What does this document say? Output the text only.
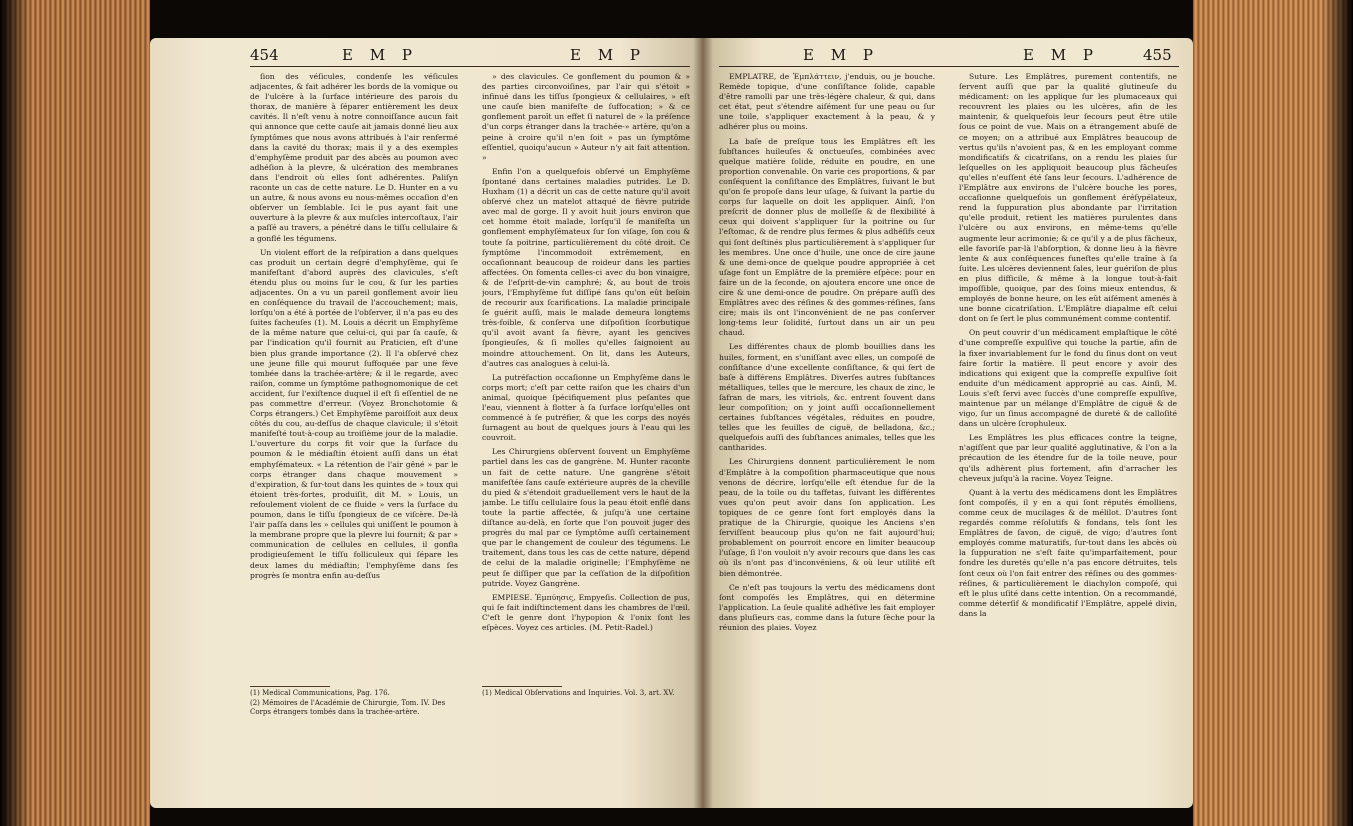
454	E M P	E M P

ſion des véſicules, condenſe les véſicules adjacentes, & fait adhérer les bords de la vomique ou de l'ulcère à la ſurface intérieure des parois du thorax, de manière à ſéparer entièrement les deux cavités. Il n'eſt venu à notre connoiſſance aucun fait qui annonce que cette cauſe ait jamais donné lieu aux ſymptômes que nous avons attribués à l'air renfermé dans la cavité du thorax; mais il y a des exemples d'emphyſème produit par des abcès au poumon avec adhéſion à la plevre, & ulcération des membranes dans l'endroit où elles ſont adhérentes. Paliſyn raconte un cas de cette nature. Le D. Hunter en a vu un autre, & nous avons eu nous-mêmes occaſion d'en obſerver un ſemblable. Ici le pus ayant fait une ouverture à la plevre & aux muſcles intercoſtaux, l'air a paſſé au travers, a pénétré dans le tiſſu cellulaire & a gonflé les tégumens.

Un violent effort de la reſpiration a dans quelques cas produit un certain degré d'emphyſème, qui ſe manifeſtant d'abord auprès des clavicules, s'eſt étendu plus ou moins ſur le cou, & ſur les parties adjacentes. On a vu un pareil gonflement avoir lieu en conſéquence du travail de l'accouchement; mais, lorſqu'on a été à portée de l'obſerver, il n'a pas eu des ſuites facheuſes (1). M. Louis a décrit un Emphyſème de la même nature que celui-ci, qui par ſa cauſe, & par l'indication qu'il fournit au Praticien, eſt d'une bien plus grande importance (2). Il l'a obſervé chez une jeune fille qui mourut ſuffoquée par une fève tombée dans la trachée-artère; & il le regarde, avec raiſon, comme un ſymptôme pathognomonique de cet accident, ſur l'exiſtence duquel il eſt ſi eſſentiel de ne pas commettre d'erreur. (Voyez Bronchotomie & Corps étrangers.) Cet Emphyſème paroiſſoit aux deux côtés du cou, au-deſſus de chaque clavicule; il s'étoit manifeſté tout-à-coup au troiſième jour de la maladie. L'ouverture du corps fit voir que la ſurface du poumon & le médiaſtin étoient auſſi dans un état emphyſémateux. « La rétention de l'air gêné » par le corps étranger dans chaque mouvement » d'expiration, & ſur-tout dans les quintes de » toux qui étoient très-fortes, produiſit, dit M. » Louis, un refoulement violent de ce fluide » vers la ſurface du poumon, dans le tiſſu ſpongieux de ce viſcère. De-là l'air paſſa dans les » cellules qui uniſſent le poumon à la membrane propre que la plevre lui fournit; & par » communication de cellules en cellules, il gonfla prodigieuſement le tiſſu folliculeux qui ſépare les deux lames du médiaſtin; l'emphyſème dans ſes progrès ſe montra enfin au-deſſus

» des clavicules. Ce gonflement du poumon & » des parties circonvoiſines, par l'air qui s'étoit » infinué dans les tiſſus ſpongieux & cellulaires, » eſt une cauſe bien manifeſte de ſuffocation; » & ce gonflement paroît un effet ſi naturel de » la préſence d'un corps étranger dans la trachée-» artère, qu'on a peine à croire qu'il n'en ſoit » pas un ſymptôme eſſentiel, quoiqu'aucun » Auteur n'y ait fait attention. »

Enfin l'on a quelquefois obſervé un Emphyſème ſpontané dans certaines maladies putrides. Le D. Huxham (1) a décrit un cas de cette nature qu'il avoit obſervé chez un matelot attaqué de fièvre putride avec mal de gorge. Il y avoit huit jours environ que cet homme étoit malade, lorſqu'il ſe manifeſta un gonflement emphyſémateux ſur ſon viſage, ſon cou & toute ſa poitrine, particulièrement du côté droit. Ce ſymptôme l'incommodoit extrêmement, en occaſionnant beaucoup de roideur dans les parties affectées. On fomenta celles-ci avec du bon vinaigre, & de l'eſprit-de-vin camphré; &, au bout de trois jours, l'Emphyſème fut diſſipé ſans qu'on eût beſoin de recourir aux ſcarifications. La maladie principale ſe guérit auſſi, mais le malade demeura longtems très-foible, & conſerva une diſpoſition ſcorbutique qu'il avoit avant ſa fièvre, ayant les gencives ſpongieuſes, & ſi molles qu'elles ſaignoient au moindre attouchement. On lit, dans les Auteurs, d'autres cas analogues à celui-là.

La putréfaction occaſionne un Emphyſème dans le corps mort; c'eſt par cette raiſon que les chairs d'un animal, quoique ſpécifiquement plus peſantes que l'eau, viennent à flotter à ſa ſurface lorſqu'elles ont commencé à ſe putréfier, & que les corps des noyés ſurnagent au bout de quelques jours à l'eau qui les couvroit.

Les Chirurgiens obſervent ſouvent un Emphyſème partiel dans les cas de gangrène. M. Hunter raconte un fait de cette nature. Une gangrène s'étoit manifeſtée ſans cauſe extérieure auprès de la cheville du pied & s'étendoit graduellement vers le haut de la jambe. Le tiſſu cellulaire ſous la peau étoit enflé dans toute la partie affectée, & juſqu'à une certaine diſtance au-delà, en ſorte que l'on pouvoit juger des progrès du mal par ce ſymptôme auſſi certainement que par le changement de couleur des tégumens. Le traitement, dans tous les cas de cette nature, dépend de celui de la maladie originelle; l'Emphyſème ne peut ſe diſſiper que par la ceſſation de la diſpoſition putride. Voyez Gangrène.

EMPIESE. Ἐμπύησις, Empyeſis. Collection de pus, qui ſe fait indiſtinctement dans les chambres de l'œil. C'eſt le genre dont l'hypopion & l'onix ſont les eſpèces. Voyez ces articles. (M. Petit-Radel.)

(1) Medical Communications, Pag. 176.
(2) Mémoires de l'Académie de Chirurgie, Tom. IV. Des Corps étrangers tombés dans la trachée-artère.
(1) Medical Obſervations and Inquiries. Vol. 3, art. XV.
E M P	E M P	455

EMPLATRE, de Ἐμπλάττειν, j'enduis, ou je bouche. Remède topique, d'une conſiſtance ſolide, capable d'être ramolli par une très-légère chaleur, & qui, dans cet état, peut s'étendre aiſément ſur une peau ou ſur une toile, s'appliquer exactement à la peau, & y adhérer plus ou moins.

La baſe de preſque tous les Emplâtres eſt les ſubſtances huileuſes & onctueuſes, combinées avec quelque matière ſolide, réduite en poudre, en une proportion convenable. On varie ces proportions, & par conſéquent la conſiſtance des Emplâtres, ſuivant le but qu'on ſe propoſe dans leur uſage, & ſuivant la partie du corps ſur laquelle on doit les appliquer. Ainſi, l'on preſcrit de donner plus de molleſſe & de flexibilité à ceux qui doivent s'appliquer ſur la poitrine ou ſur l'eſtomac, & de rendre plus fermes & plus adhéſifs ceux qui ſont deſtinés plus particulièrement à s'appliquer ſur les membres. Une once d'huile, une once de cire jaune & une demi-once de quelque poudre appropriée à cet uſage font un Emplâtre de la première eſpèce: pour en faire un de la ſeconde, on ajoutera encore une once de cire & une demi-once de poudre. On prépare auſſi des Emplâtres avec des réſines & des gommes-réſines, ſans cire; mais ils ont l'inconvénient de ne pas conſerver long-tems leur ſolidité, ſurtout dans un air un peu chaud.

Les différentes chaux de plomb bouillies dans les huiles, forment, en s'uniſſant avec elles, un compoſé de conſiſtance d'une excellente conſiſtance, & qui ſert de baſe à différens Emplâtres. Diverſes autres ſubſtances métalliques, telles que le mercure, les chaux de zinc, le ſafran de mars, les vitriols, &c. entrent ſouvent dans leur compoſition; on y joint auſſi occaſionnellement certaines ſubſtances végétales, réduites en poudre, telles que les feuilles de ciguë, de belladona, &c.; quelquefois auſſi des ſubſtances animales, telles que les cantharides.

Les Chirurgiens donnent particulièrement le nom d'Emplâtre à la compoſition pharmaceutique que nous venons de décrire, lorſqu'elle eſt étendue ſur de la peau, de la toile ou du taffetas, ſuivant les différentes vues qu'on peut avoir dans ſon application. Les topiques de ce genre ſont fort employés dans la pratique de la Chirurgie, quoique les Anciens s'en ſerviſſent beaucoup plus qu'on ne fait aujourd'hui; probablement on pourroit encore en limiter beaucoup l'uſage, ſi l'on vouloit n'y avoir recours que dans les cas où ils n'ont pas d'inconvéniens, & où leur utilité eſt bien démontrée.

Ce n'eſt pas toujours la vertu des médicamens dont ſont compoſés les Emplâtres, qui en détermine l'application. La ſeule qualité adhéſive les fait employer dans pluſieurs cas, comme dans la ſuture ſèche pour la réunion des plaies. Voyez

Suture. Les Emplâtres, purement contentifs, ne ſervent auſſi que par la qualité glutineuſe du médicament: on les applique ſur les plumaceaux qui recouvrent les plaies ou les ulcères, afin de les maintenir, & quelquefois leur ſecours peut être utile ſous ce point de vue. Mais on a étrangement abuſé de ce moyen; on a attribué aux Emplâtres beaucoup de vertus qu'ils n'avoient pas, & en les employant comme mondificatifs & cicatriſans, on a rendu les plaies ſur leſquelles on les appliquoit beaucoup plus fâcheuſes qu'elles n'euſſent été ſans leur ſecours. L'adhérence de l'Emplâtre aux environs de l'ulcère bouche les pores, occaſionne quelquefois un gonflement éréſypélateux, rend la ſuppuration plus abondante par l'irritation qu'elle produit, retient les matières purulentes dans l'ulcère ou aux environs, en même-tems qu'elle augmente leur acrimonie; & ce qu'il y a de plus fâcheux, elle favoriſe par-là l'abſorption, & donne lieu à la fièvre lente & aux conſéquences funeſtes qu'elle traîne à ſa ſuite. Les ulcères deviennent ſales, leur guériſon de plus en plus difficile, & même à la longue tout-à-fait impoſſible, quoique, par des ſoins mieux entendus, & employés de bonne heure, on les eût aiſément amenés à une bonne cicatriſation. L'Emplâtre diapalme eſt celui dont on ſe ſert le plus communément comme contentif.

On peut couvrir d'un médicament emplaſtique le côté d'une compreſſe expulſive qui touche la partie, afin de la fixer invariablement ſur le fond du ſinus dont on veut faire ſortir la matière. Il peut encore y avoir des indications qui exigent que la compreſſe expulſive ſoit enduite d'un médicament approprié au cas. Ainſi, M. Louis s'eſt ſervi avec ſuccès d'une compreſſe expulſive, maintenue par un mélange d'Emplâtre de ciguë & de vigo, ſur un ſinus accompagné de dureté & de calloſité dans un ulcère ſcrophuleux.

Les Emplâtres les plus efficaces contre la teigne, n'agiſſent que par leur qualité agglutinative, & l'on a la précaution de les étendre ſur de la toile neuve, pour qu'ils adhèrent plus fortement, afin d'arracher les cheveux juſqu'à la racine. Voyez Teigne.

Quant à la vertu des médicamens dont les Emplâtres ſont compoſés, il y en a qui ſont réputés émolliens, comme ceux de mucilages & de mélilot. D'autres ſont regardés comme réſolutifs & fondans, tels ſont les Emplâtres de ſavon, de ciguë, de vigo; d'autres ſont employés comme maturatifs, ſur-tout dans les abcès où la ſuppuration ne s'eſt faite qu'imparfaitement, pour fondre les duretés qu'elle n'a pas encore détruites, tels ſont ceux où l'on fait entrer des réſines ou des gommes-réſines, & particulièrement le diachylon compoſé, qui eſt le plus uſité dans cette intention. On a recommandé, comme déterſif & mondificatif l'Emplâtre, appelé divin, dans la
